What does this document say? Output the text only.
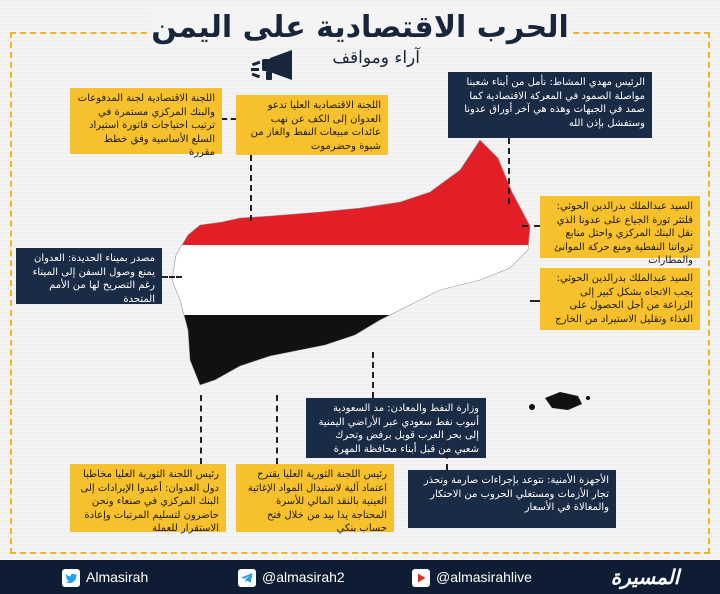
الحرب الاقتصادية على اليمن
آراء ومواقف
اللجنة الاقتصادية لجنة المدفوعات والبنك المركزي مستمرة في ترتيب احتياجات فاتورة استيراد السلع الأساسية وفق خطط مقررة
اللجنة الاقتصادية العليا تدعو العدوان إلى الكف عن نهب عائدات مبيعات النفط والغاز من شبوة وحضرموت
الرئيس مهدي المشاط: نأمل من أبناء شعبنا مواصلة الصمود في المعركة الاقتصادية كما صمد في الجبهات وهذه هي آخر أوراق عدونا وستفشل بإذن الله
السيد عبدالملك بدرالدين الحوثي: فلتثر ثورة الجياع على عدونا الذي نقل البنك المركزي واحتل منابع ثرواتنا النفطية ومنع حركة الموانئ والمطارات
السيد عبدالملك بدرالدين الحوثي: يجب الاتجاه بشكل كبير إلى الزراعة من أجل الحصول على الغذاء وتقليل الاستيراد من الخارج
مصدر بميناء الحديدة: العدوان يمنع وصول السفن إلى الميناء رغم التصريح لها من الأمم المتحدة
وزارة النفط والمعادن: مد السعودية أنبوب نفط سعودي عبر الأراضي اليمنية إلى بحر العرب قوبل برفض وتحرك شعبي من قبل أبناء محافظة المهرة
رئيس اللجنة الثورية العليا مخاطبا دول العدوان: أعيدوا الإيرادات إلى البنك المركزي في صنعاء ونحن حاضرون لتسليم المرتبات وإعادة الاستقرار للعملة
رئيس اللجنة الثورية العليا يقترح اعتماد آلية لاستبدال المواد الإغاثية العينية بالنقد المالي للأسرة المحتاجة يدا بيد من خلال فتح حساب بنكي
الأجهزة الأمنية: نتوعد بإجراءات صارمة ونحذر تجار الأزمات ومستغلي الحروب من الاحتكار والمغالاة في الأسعار
Almasirah	@almasirah2	@almasirahlive	المسيرة
